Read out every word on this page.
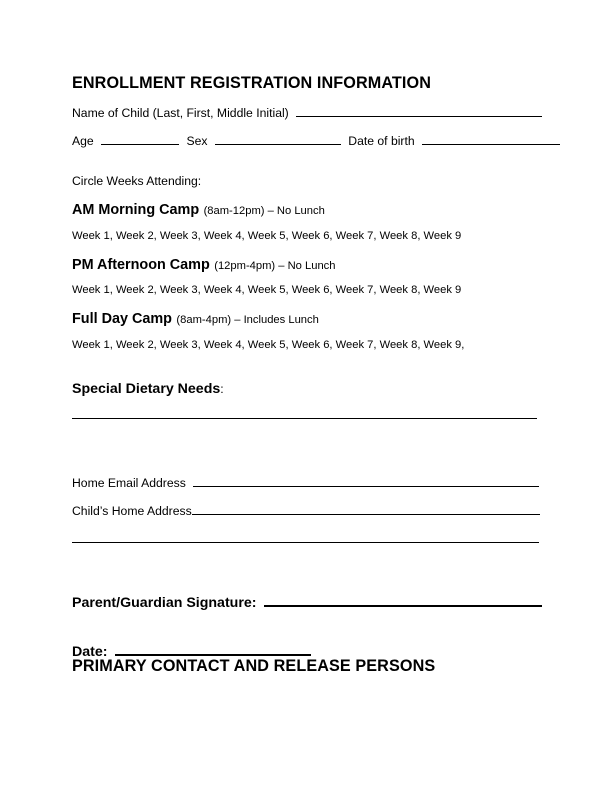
ENROLLMENT REGISTRATION INFORMATION
Name of Child (Last, First, Middle Initial)
Age	Sex	Date of birth
Circle Weeks Attending:
AM Morning Camp (8am-12pm) – No Lunch
Week 1, Week 2, Week 3, Week 4, Week 5, Week 6, Week 7, Week 8, Week 9
PM Afternoon Camp (12pm-4pm) – No Lunch
Week 1, Week 2, Week 3, Week 4, Week 5, Week 6, Week 7, Week 8, Week 9
Full Day Camp (8am-4pm) – Includes Lunch
Week 1, Week 2, Week 3, Week 4, Week 5, Week 6, Week 7, Week 8, Week 9,
Special Dietary Needs:
Home Email Address
Child’s Home Address
Parent/Guardian Signature:
Date:
PRIMARY CONTACT AND RELEASE PERSONS
